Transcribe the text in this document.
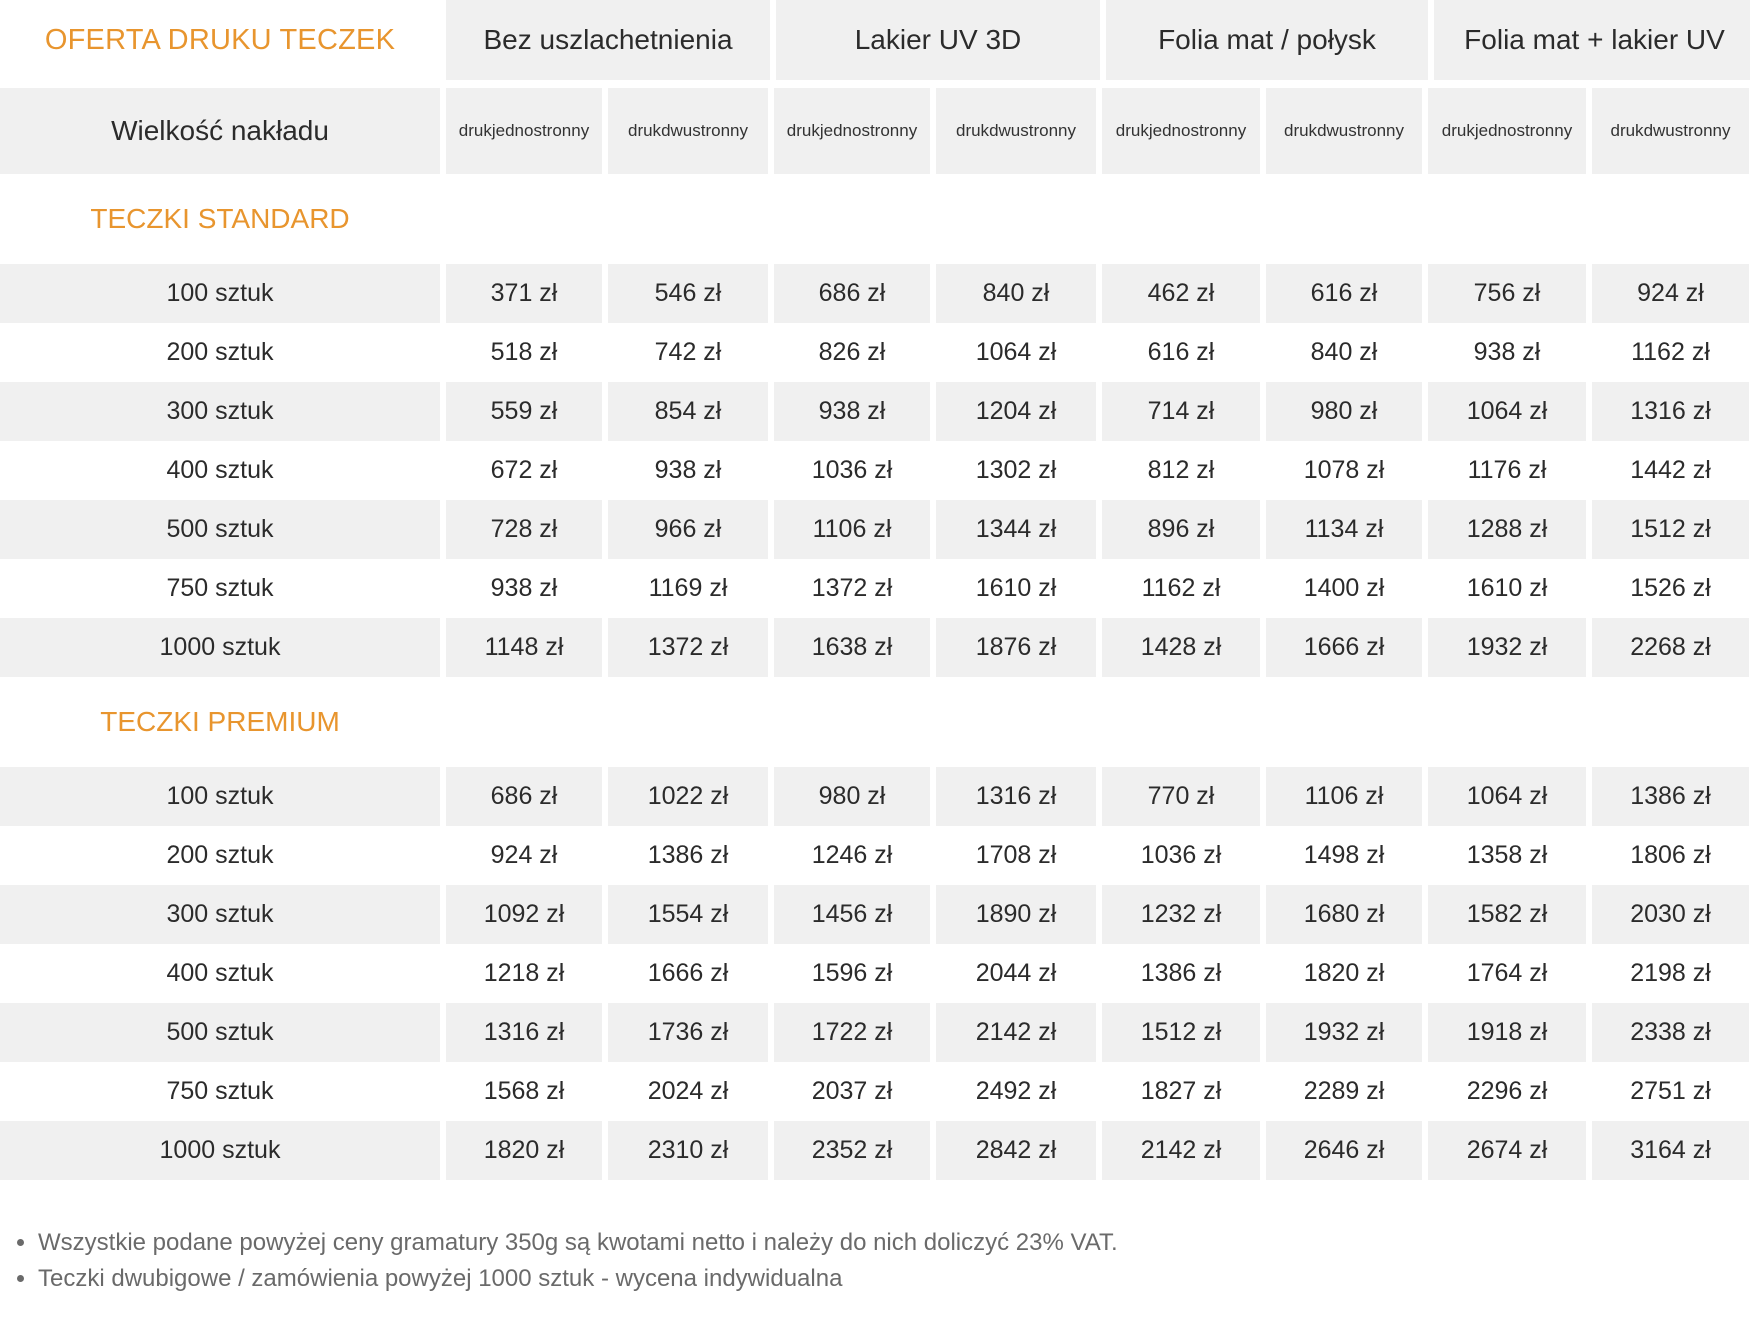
OFERTA DRUKU TECZEK	Bez uszlachetnienia	Lakier UV 3D	Folia mat / połysk	Folia mat + lakier UV
Wielkość nakładu	druk jednostronny druk dwustronny druk jednostronny druk dwustronny druk jednostronny druk dwustronny druk jednostronny druk dwustronny
TECZKI STANDARD
100 sztuk	371 zł	546 zł	686 zł	840 zł	462 zł	616 zł	756 zł	924 zł
200 sztuk	518 zł	742 zł	826 zł	1064 zł	616 zł	840 zł	938 zł	1162 zł
300 sztuk	559 zł	854 zł	938 zł	1204 zł	714 zł	980 zł	1064 zł	1316 zł
400 sztuk	672 zł	938 zł	1036 zł	1302 zł	812 zł	1078 zł	1176 zł	1442 zł
500 sztuk	728 zł	966 zł	1106 zł	1344 zł	896 zł	1134 zł	1288 zł	1512 zł
750 sztuk	938 zł	1169 zł	1372 zł	1610 zł	1162 zł	1400 zł	1610 zł	1526 zł
1000 sztuk	1148 zł	1372 zł	1638 zł	1876 zł	1428 zł	1666 zł	1932 zł	2268 zł
TECZKI PREMIUM
100 sztuk	686 zł	1022 zł	980 zł	1316 zł	770 zł	1106 zł	1064 zł	1386 zł
200 sztuk	924 zł	1386 zł	1246 zł	1708 zł	1036 zł	1498 zł	1358 zł	1806 zł
300 sztuk	1092 zł	1554 zł	1456 zł	1890 zł	1232 zł	1680 zł	1582 zł	2030 zł
400 sztuk	1218 zł	1666 zł	1596 zł	2044 zł	1386 zł	1820 zł	1764 zł	2198 zł
500 sztuk	1316 zł	1736 zł	1722 zł	2142 zł	1512 zł	1932 zł	1918 zł	2338 zł
750 sztuk	1568 zł	2024 zł	2037 zł	2492 zł	1827 zł	2289 zł	2296 zł	2751 zł
1000 sztuk	1820 zł	2310 zł	2352 zł	2842 zł	2142 zł	2646 zł	2674 zł	3164 zł
• Wszystkie podane powyżej ceny gramatury 350g są kwotami netto i należy do nich doliczyć 23% VAT.
• Teczki dwubigowe / zamówienia powyżej 1000 sztuk - wycena indywidualna
